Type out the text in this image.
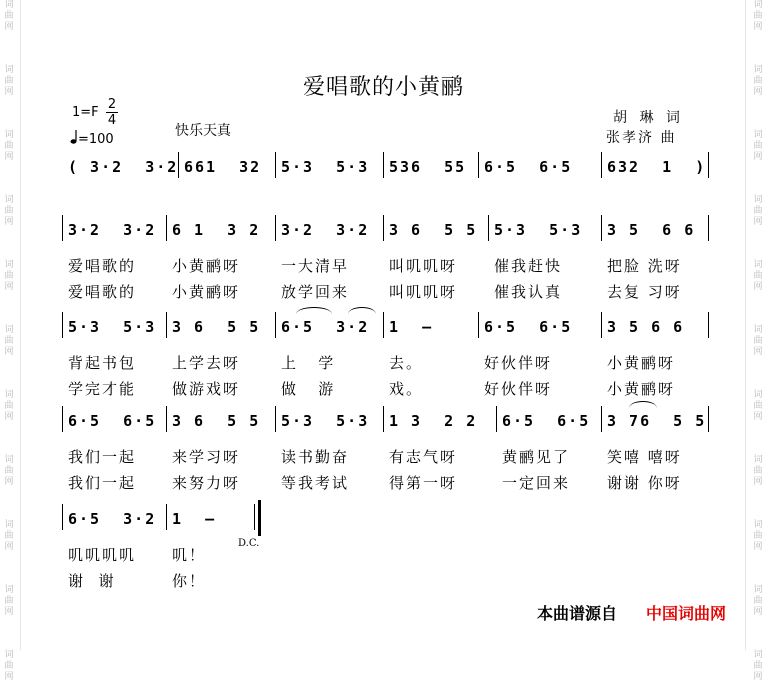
词
曲
网
词
曲
网
词
曲
网
词
曲
网
词
曲
网
词
曲
网
词
曲
网
词
曲
网
词
曲
网
词
曲
网
词
曲
网
词
曲
网
词
曲
网
词
曲
网
词
曲
网
词
曲
网
词
曲
网
词
曲
网
词
曲
网
词
曲
网
词
曲
网
词
曲
网
爱唱歌的小黄鹂
1=F
2
4
=100
快乐天真
胡 琳 词
张孝济 曲
( 3·2  3·2 661  32 5·3  5·3 536  55 6·5  6·5 632  1  )
3·2  3·2
爱唱歌的
爱唱歌的
6 1  3 2
小黄鹂呀
小黄鹂呀
3·2  3·2
一大清早
放学回来
3 6  5 5
叫叽叽呀
叫叽叽呀
5·3  5·3
催我赶快
催我认真
3 5  6 6
把脸 洗呀
去复 习呀
5·3  5·3
背起书包
学完才能
3 6  5 5
上学去呀
做游戏呀
6·5  3·2
上   学
做   游
1  –
去。
戏。
6·5  6·5
好伙伴呀
好伙伴呀
3 5 6 6
小黄鹂呀
小黄鹂呀
6·5  6·5
我们一起
我们一起
3 6  5 5
来学习呀
来努力呀
5·3  5·3
读书勤奋
等我考试
1 3  2 2
有志气呀
得第一呀
6·5  6·5
黄鹂见了
一定回来
3 76  5 5
笑嘻 嘻呀
谢谢 你呀
6·5  3·2
叽叽叽叽
谢  谢
1  –
叽！
你！
D.C.
本曲谱源自 中国词曲网
